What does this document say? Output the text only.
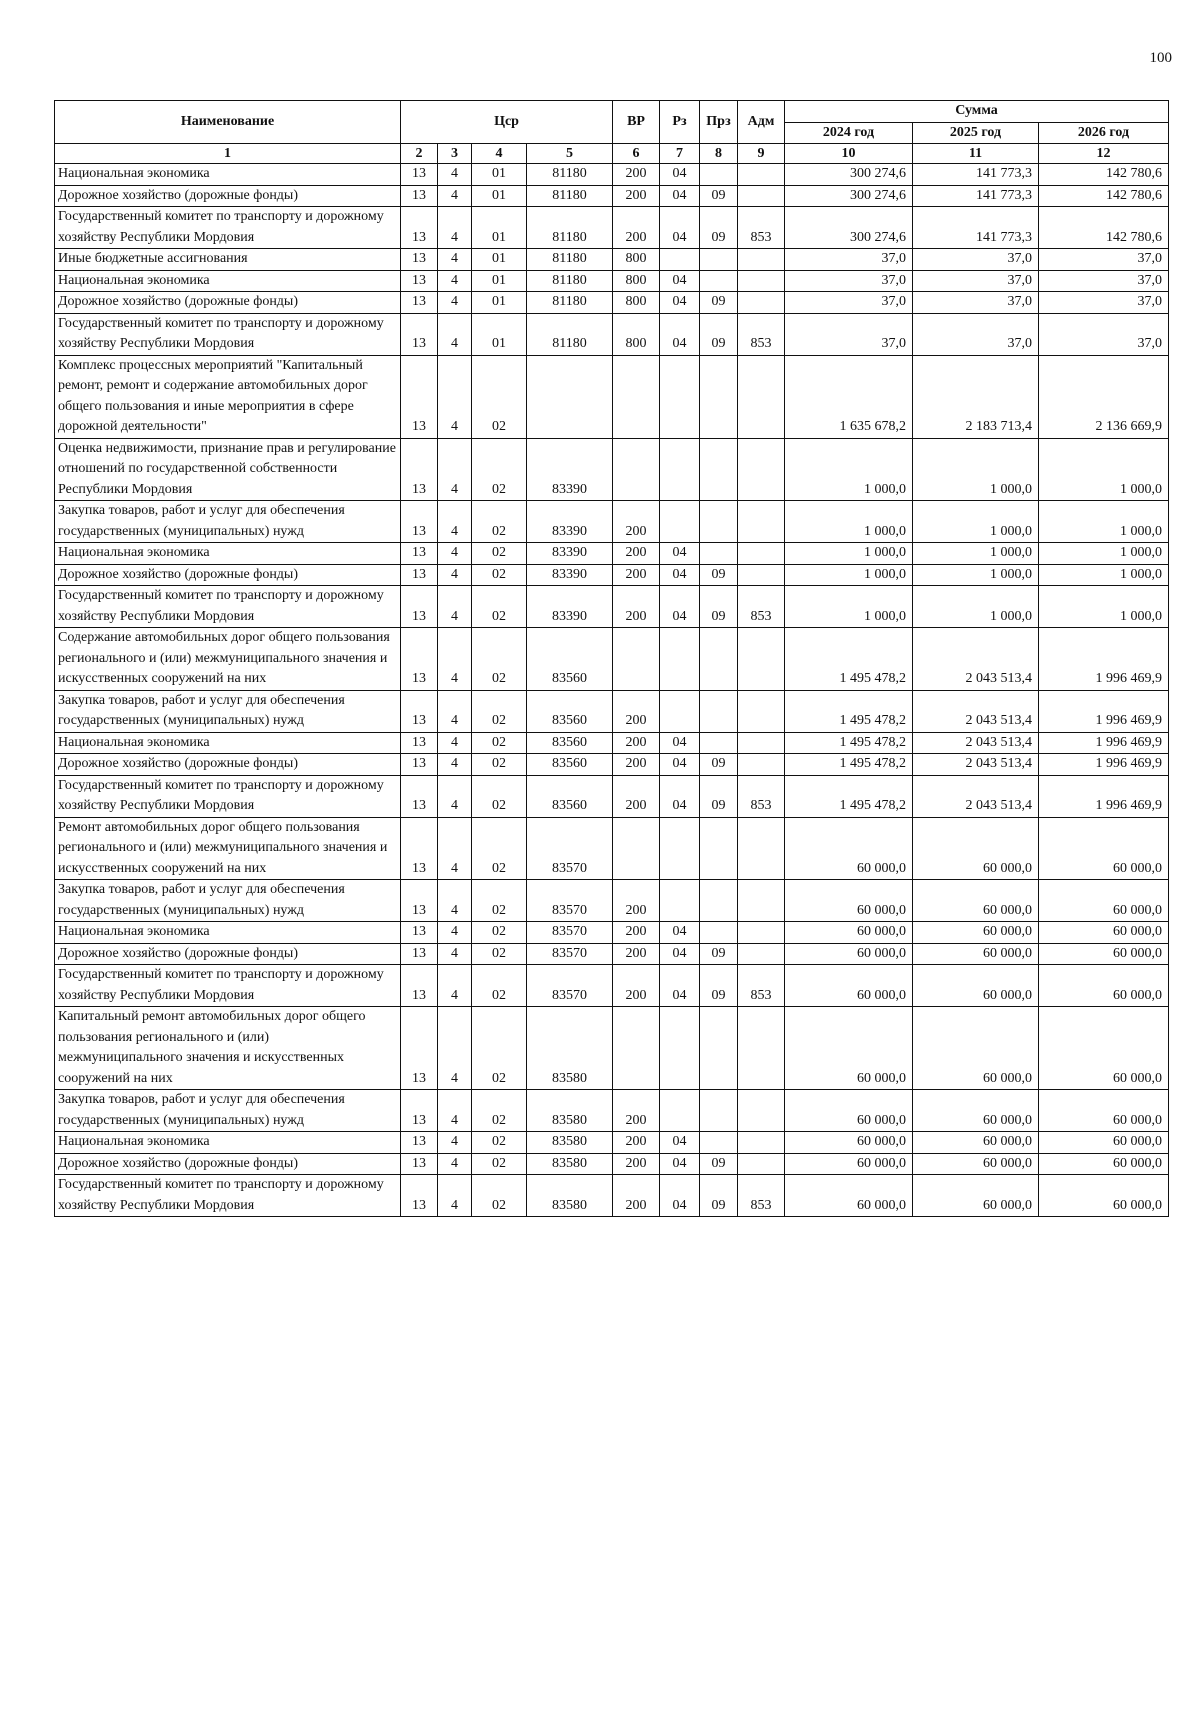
100
Наименование	Цср				ВР	Рз	Прз	Адм	Сумма		
									2024 год	2025 год	2026 год
1	2	3	4	5	6	7	8	9	10	11	12
Национальная экономика	13	4	01	81180	200	04			300 274,6	141 773,3	142 780,6
Дорожное хозяйство (дорожные фонды)	13	4	01	81180	200	04	09		300 274,6	141 773,3	142 780,6
Государственный комитет по транспорту и дорожному хозяйству Республики Мордовия	13	4	01	81180	200	04	09	853	300 274,6	141 773,3	142 780,6
Иные бюджетные ассигнования	13	4	01	81180	800				37,0	37,0	37,0
Национальная экономика	13	4	01	81180	800	04			37,0	37,0	37,0
Дорожное хозяйство (дорожные фонды)	13	4	01	81180	800	04	09		37,0	37,0	37,0
Государственный комитет по транспорту и дорожному хозяйству Республики Мордовия	13	4	01	81180	800	04	09	853	37,0	37,0	37,0
Комплекс процессных мероприятий "Капитальный ремонт, ремонт и содержание автомобильных дорог общего пользования и иные мероприятия в сфере дорожной деятельности"	13	4	02						1 635 678,2	2 183 713,4	2 136 669,9
Оценка недвижимости, признание прав и регулирование отношений по государственной собственности Республики Мордовия	13	4	02	83390					1 000,0	1 000,0	1 000,0
Закупка товаров, работ и услуг для обеспечения государственных (муниципальных) нужд	13	4	02	83390	200				1 000,0	1 000,0	1 000,0
Национальная экономика	13	4	02	83390	200	04			1 000,0	1 000,0	1 000,0
Дорожное хозяйство (дорожные фонды)	13	4	02	83390	200	04	09		1 000,0	1 000,0	1 000,0
Государственный комитет по транспорту и дорожному хозяйству Республики Мордовия	13	4	02	83390	200	04	09	853	1 000,0	1 000,0	1 000,0
Содержание автомобильных дорог общего пользования регионального и (или) межмуниципального значения и искусственных сооружений на них	13	4	02	83560					1 495 478,2	2 043 513,4	1 996 469,9
Закупка товаров, работ и услуг для обеспечения государственных (муниципальных) нужд	13	4	02	83560	200				1 495 478,2	2 043 513,4	1 996 469,9
Национальная экономика	13	4	02	83560	200	04			1 495 478,2	2 043 513,4	1 996 469,9
Дорожное хозяйство (дорожные фонды)	13	4	02	83560	200	04	09		1 495 478,2	2 043 513,4	1 996 469,9
Государственный комитет по транспорту и дорожному хозяйству Республики Мордовия	13	4	02	83560	200	04	09	853	1 495 478,2	2 043 513,4	1 996 469,9
Ремонт автомобильных дорог общего пользования регионального и (или) межмуниципального значения и искусственных сооружений на них	13	4	02	83570					60 000,0	60 000,0	60 000,0
Закупка товаров, работ и услуг для обеспечения государственных (муниципальных) нужд	13	4	02	83570	200				60 000,0	60 000,0	60 000,0
Национальная экономика	13	4	02	83570	200	04			60 000,0	60 000,0	60 000,0
Дорожное хозяйство (дорожные фонды)	13	4	02	83570	200	04	09		60 000,0	60 000,0	60 000,0
Государственный комитет по транспорту и дорожному хозяйству Республики Мордовия	13	4	02	83570	200	04	09	853	60 000,0	60 000,0	60 000,0
Капитальный ремонт автомобильных дорог общего пользования регионального и (или) межмуниципального значения и искусственных сооружений на них	13	4	02	83580					60 000,0	60 000,0	60 000,0
Закупка товаров, работ и услуг для обеспечения государственных (муниципальных) нужд	13	4	02	83580	200				60 000,0	60 000,0	60 000,0
Национальная экономика	13	4	02	83580	200	04			60 000,0	60 000,0	60 000,0
Дорожное хозяйство (дорожные фонды)	13	4	02	83580	200	04	09		60 000,0	60 000,0	60 000,0
Государственный комитет по транспорту и дорожному хозяйству Республики Мордовия	13	4	02	83580	200	04	09	853	60 000,0	60 000,0	60 000,0
